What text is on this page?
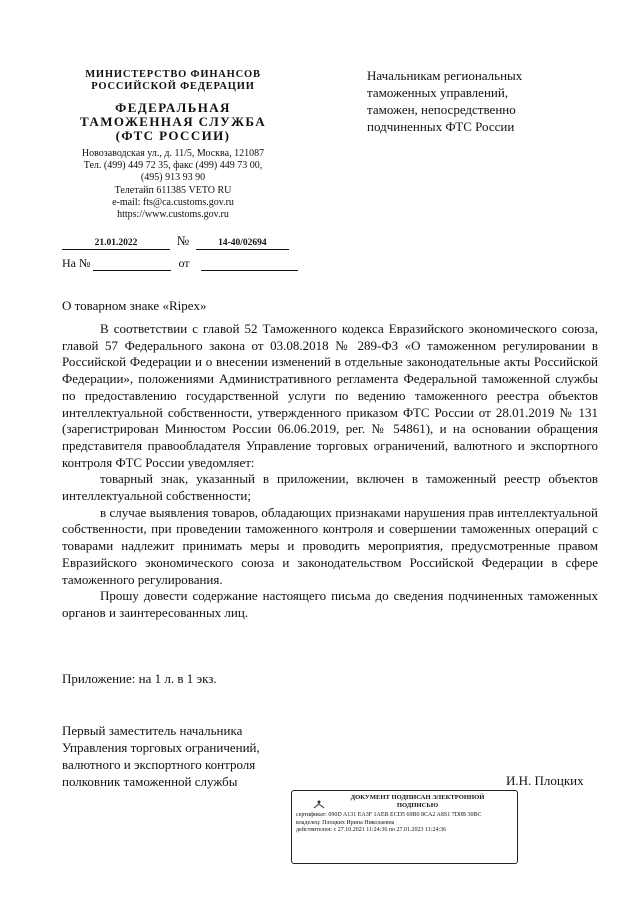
МИНИСТЕРСТВО ФИНАНСОВ
РОССИЙСКОЙ ФЕДЕРАЦИИ
ФЕДЕРАЛЬНАЯ
ТАМОЖЕННАЯ СЛУЖБА
(ФТС РОССИИ)
Новозаводская ул., д. 11/5, Москва, 121087
Тел. (499) 449 72 35, факс (499) 449 73 00,
(495) 913 93 90
Телетайп 611385 VETO RU
e-mail: fts@ca.customs.gov.ru
https://www.customs.gov.ru
Начальникам региональных
таможенных управлений,
таможен, непосредственно
подчиненных ФТС России
21.01.2022	№	14-40/02694
На №	от
О товарном знаке «Ripex»

В соответствии с главой 52 Таможенного кодекса Евразийского экономического союза, главой 57 Федерального закона от 03.08.2018 № 289-ФЗ «О таможенном регулировании в Российской Федерации и о внесении изменений в отдельные законодательные акты Российской Федерации», положениями Административного регламента Федеральной таможенной службы по предоставлению государственной услуги по ведению таможенного реестра объектов интеллектуальной собственности, утвержденного приказом ФТС России от 28.01.2019 № 131 (зарегистрирован Минюстом России 06.06.2019, рег. № 54861), и на основании обращения представителя правообладателя Управление торговых ограничений, валютного и экспортного контроля ФТС России уведомляет:

товарный знак, указанный в приложении, включен в таможенный реестр объектов интеллектуальной собственности;

в случае выявления товаров, обладающих признаками нарушения прав интеллектуальной собственности, при проведении таможенного контроля и совершении таможенных операций с товарами надлежит принимать меры и проводить мероприятия, предусмотренные правом Евразийского экономического союза и законодательством Российской Федерации в сфере таможенного регулирования.

Прошу довести содержание настоящего письма до сведения подчиненных таможенных органов и заинтересованных лиц.

Приложение: на 1 л. в 1 экз.
Первый заместитель начальника
Управления торговых ограничений,
валютного и экспортного контроля
полковник таможенной службы	И.Н. Плоцких
ДОКУМЕНТ ПОДПИСАН ЭЛЕКТРОННОЙ
ПОДПИСЬЮ
сертификат: 090D A131 EA3F 1AEB ECD5 69B0 8CA2 A8S1 7D0B 30BC
владелец: Плоцких Ирина Николаевна
действителен: с 27.10.2021 11:24:36 по 27.01.2023 11:24:36
